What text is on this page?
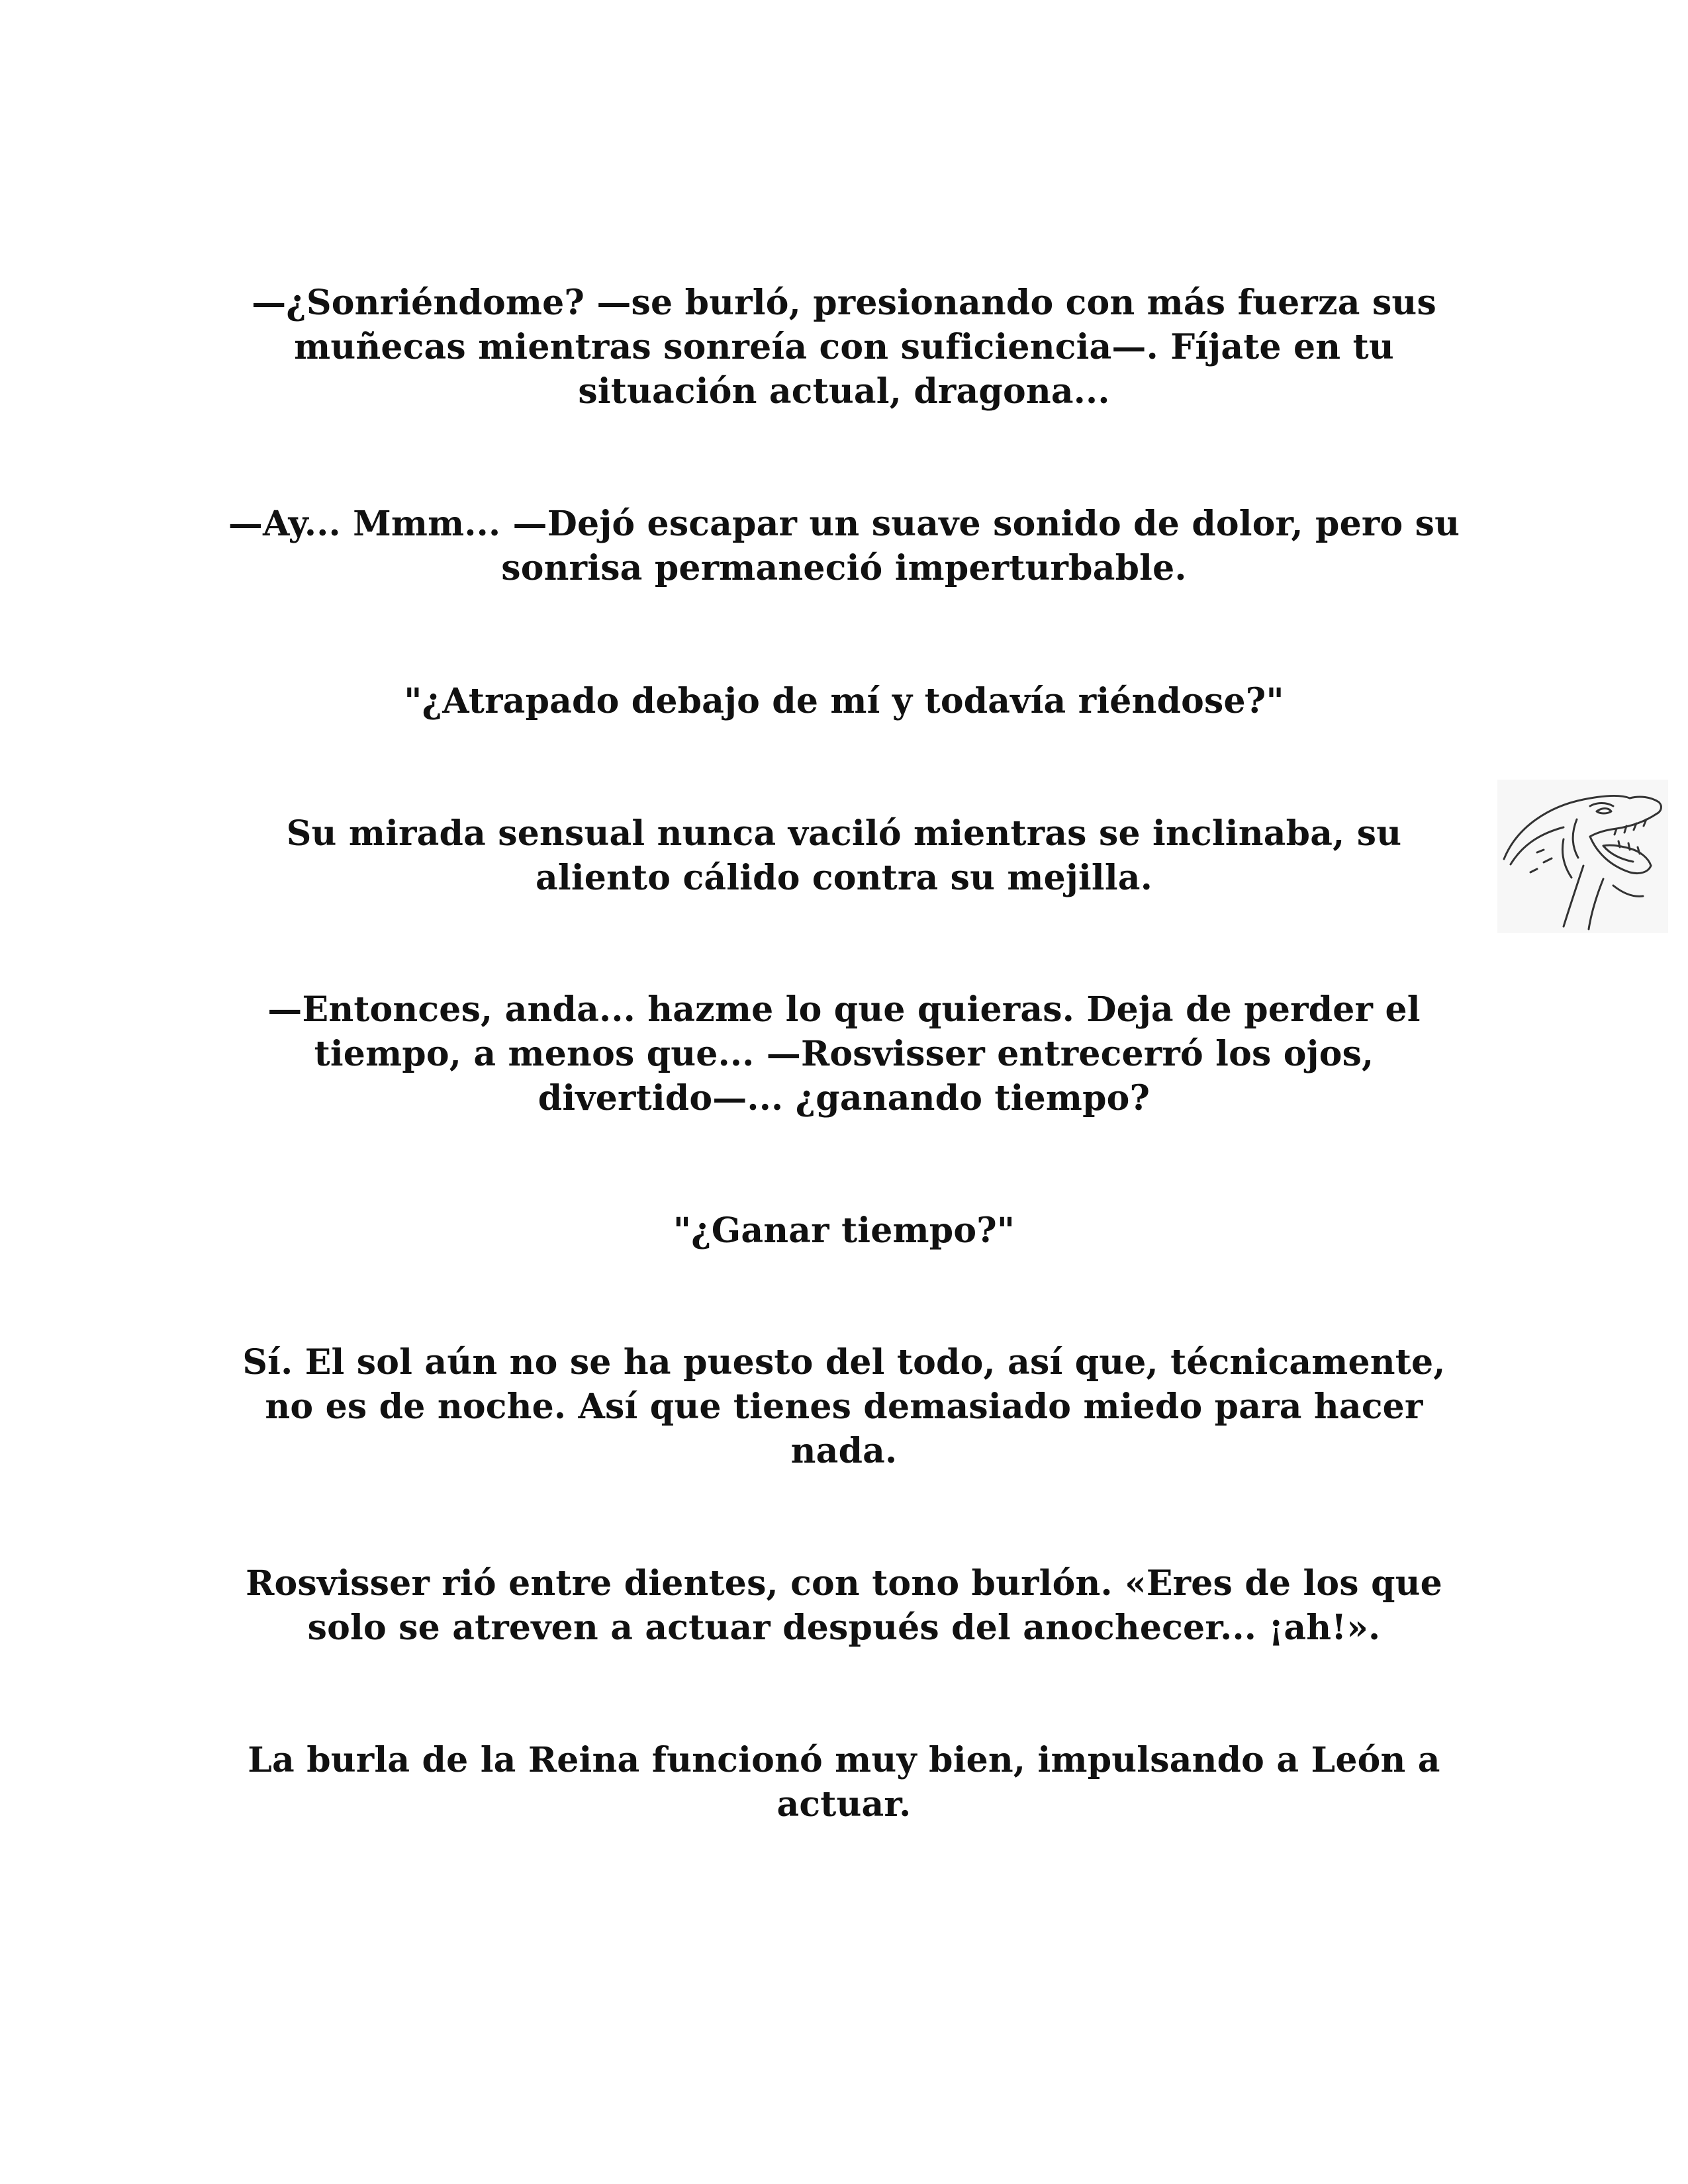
—¿Sonriéndome? —se burló, presionando con más fuerza sus muñecas mientras sonreía con suficiencia—. Fíjate en tu situación actual, dragona...

—Ay... Mmm... —Dejó escapar un suave sonido de dolor, pero su sonrisa permaneció imperturbable.

"¿Atrapado debajo de mí y todavía riéndose?"

Su mirada sensual nunca vaciló mientras se inclinaba, su aliento cálido contra su mejilla.

—Entonces, anda... hazme lo que quieras. Deja de perder el tiempo, a menos que... —Rosvisser entrecerró los ojos, divertido—... ¿ganando tiempo?

"¿Ganar tiempo?"

Sí. El sol aún no se ha puesto del todo, así que, técnicamente, no es de noche. Así que tienes demasiado miedo para hacer nada.

Rosvisser rió entre dientes, con tono burlón. «Eres de los que solo se atreven a actuar después del anochecer... ¡ah!».

La burla de la Reina funcionó muy bien, impulsando a León a actuar.
